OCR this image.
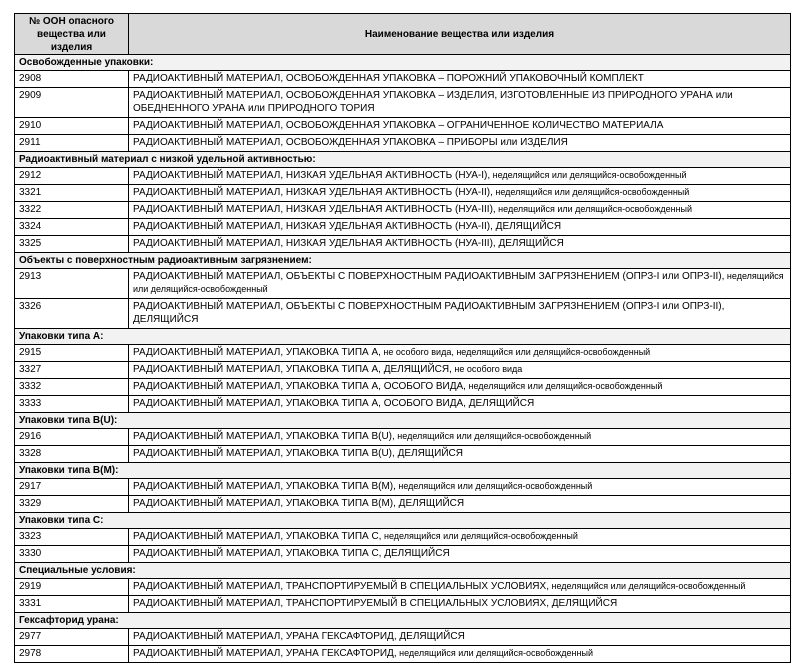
№ ООН опасного вещества или изделия	Наименование вещества или изделия
Освобожденные упаковки:	
2908	РАДИОАКТИВНЫЙ МАТЕРИАЛ, ОСВОБОЖДЕННАЯ УПАКОВКА – ПОРОЖНИЙ УПАКОВОЧНЫЙ КОМПЛЕКТ
2909	РАДИОАКТИВНЫЙ МАТЕРИАЛ, ОСВОБОЖДЕННАЯ УПАКОВКА – ИЗДЕЛИЯ, ИЗГОТОВЛЕННЫЕ ИЗ ПРИРОДНОГО УРАНА или ОБЕДНЕННОГО УРАНА или ПРИРОДНОГО ТОРИЯ
2910	РАДИОАКТИВНЫЙ МАТЕРИАЛ, ОСВОБОЖДЕННАЯ УПАКОВКА – ОГРАНИЧЕННОЕ КОЛИЧЕСТВО МАТЕРИАЛА
2911	РАДИОАКТИВНЫЙ МАТЕРИАЛ, ОСВОБОЖДЕННАЯ УПАКОВКА – ПРИБОРЫ или ИЗДЕЛИЯ
Радиоактивный материал с низкой удельной активностью:	
2912	РАДИОАКТИВНЫЙ МАТЕРИАЛ, НИЗКАЯ УДЕЛЬНАЯ АКТИВНОСТЬ (НУА-I), неделящийся или делящийся-освобожденный
3321	РАДИОАКТИВНЫЙ МАТЕРИАЛ, НИЗКАЯ УДЕЛЬНАЯ АКТИВНОСТЬ (НУА-II), неделящийся или делящийся-освобожденный
3322	РАДИОАКТИВНЫЙ МАТЕРИАЛ, НИЗКАЯ УДЕЛЬНАЯ АКТИВНОСТЬ (НУА-III), неделящийся или делящийся-освобожденный
3324	РАДИОАКТИВНЫЙ МАТЕРИАЛ, НИЗКАЯ УДЕЛЬНАЯ АКТИВНОСТЬ (НУА-II), ДЕЛЯЩИЙСЯ
3325	РАДИОАКТИВНЫЙ МАТЕРИАЛ, НИЗКАЯ УДЕЛЬНАЯ АКТИВНОСТЬ (НУА-III), ДЕЛЯЩИЙСЯ
Объекты с поверхностным радиоактивным загрязнением:	
2913	РАДИОАКТИВНЫЙ МАТЕРИАЛ, ОБЪЕКТЫ С ПОВЕРХНОСТНЫМ РАДИОАКТИВНЫМ ЗАГРЯЗНЕНИЕМ (ОПРЗ-I или ОПРЗ-II), неделящийся или делящийся-освобожденный
3326	РАДИОАКТИВНЫЙ МАТЕРИАЛ, ОБЪЕКТЫ С ПОВЕРХНОСТНЫМ РАДИОАКТИВНЫМ ЗАГРЯЗНЕНИЕМ (ОПРЗ-I или ОПРЗ-II), ДЕЛЯЩИЙСЯ
Упаковки типа А:	
2915	РАДИОАКТИВНЫЙ МАТЕРИАЛ, УПАКОВКА ТИПА А, не особого вида, неделящийся или делящийся-освобожденный
3327	РАДИОАКТИВНЫЙ МАТЕРИАЛ, УПАКОВКА ТИПА А, ДЕЛЯЩИЙСЯ, не особого вида
3332	РАДИОАКТИВНЫЙ МАТЕРИАЛ, УПАКОВКА ТИПА А, ОСОБОГО ВИДА, неделящийся или делящийся-освобожденный
3333	РАДИОАКТИВНЫЙ МАТЕРИАЛ, УПАКОВКА ТИПА А, ОСОБОГО ВИДА, ДЕЛЯЩИЙСЯ
Упаковки типа В(U):	
2916	РАДИОАКТИВНЫЙ МАТЕРИАЛ, УПАКОВКА ТИПА В(U), неделящийся или делящийся-освобожденный
3328	РАДИОАКТИВНЫЙ МАТЕРИАЛ, УПАКОВКА ТИПА В(U), ДЕЛЯЩИЙСЯ
Упаковки типа В(М):	
2917	РАДИОАКТИВНЫЙ МАТЕРИАЛ, УПАКОВКА ТИПА В(М), неделящийся или делящийся-освобожденный
3329	РАДИОАКТИВНЫЙ МАТЕРИАЛ, УПАКОВКА ТИПА В(М), ДЕЛЯЩИЙСЯ
Упаковки типа С:	
3323	РАДИОАКТИВНЫЙ МАТЕРИАЛ, УПАКОВКА ТИПА С, неделящийся или делящийся-освобожденный
3330	РАДИОАКТИВНЫЙ МАТЕРИАЛ, УПАКОВКА ТИПА С, ДЕЛЯЩИЙСЯ
Специальные условия:	
2919	РАДИОАКТИВНЫЙ МАТЕРИАЛ, ТРАНСПОРТИРУЕМЫЙ В СПЕЦИАЛЬНЫХ УСЛОВИЯХ, неделящийся или делящийся-освобожденный
3331	РАДИОАКТИВНЫЙ МАТЕРИАЛ, ТРАНСПОРТИРУЕМЫЙ В СПЕЦИАЛЬНЫХ УСЛОВИЯХ, ДЕЛЯЩИЙСЯ
Гексафторид урана:	
2977	РАДИОАКТИВНЫЙ МАТЕРИАЛ, УРАНА ГЕКСАФТОРИД, ДЕЛЯЩИЙСЯ
2978	РАДИОАКТИВНЫЙ МАТЕРИАЛ, УРАНА ГЕКСАФТОРИД, неделящийся или делящийся-освобожденный
